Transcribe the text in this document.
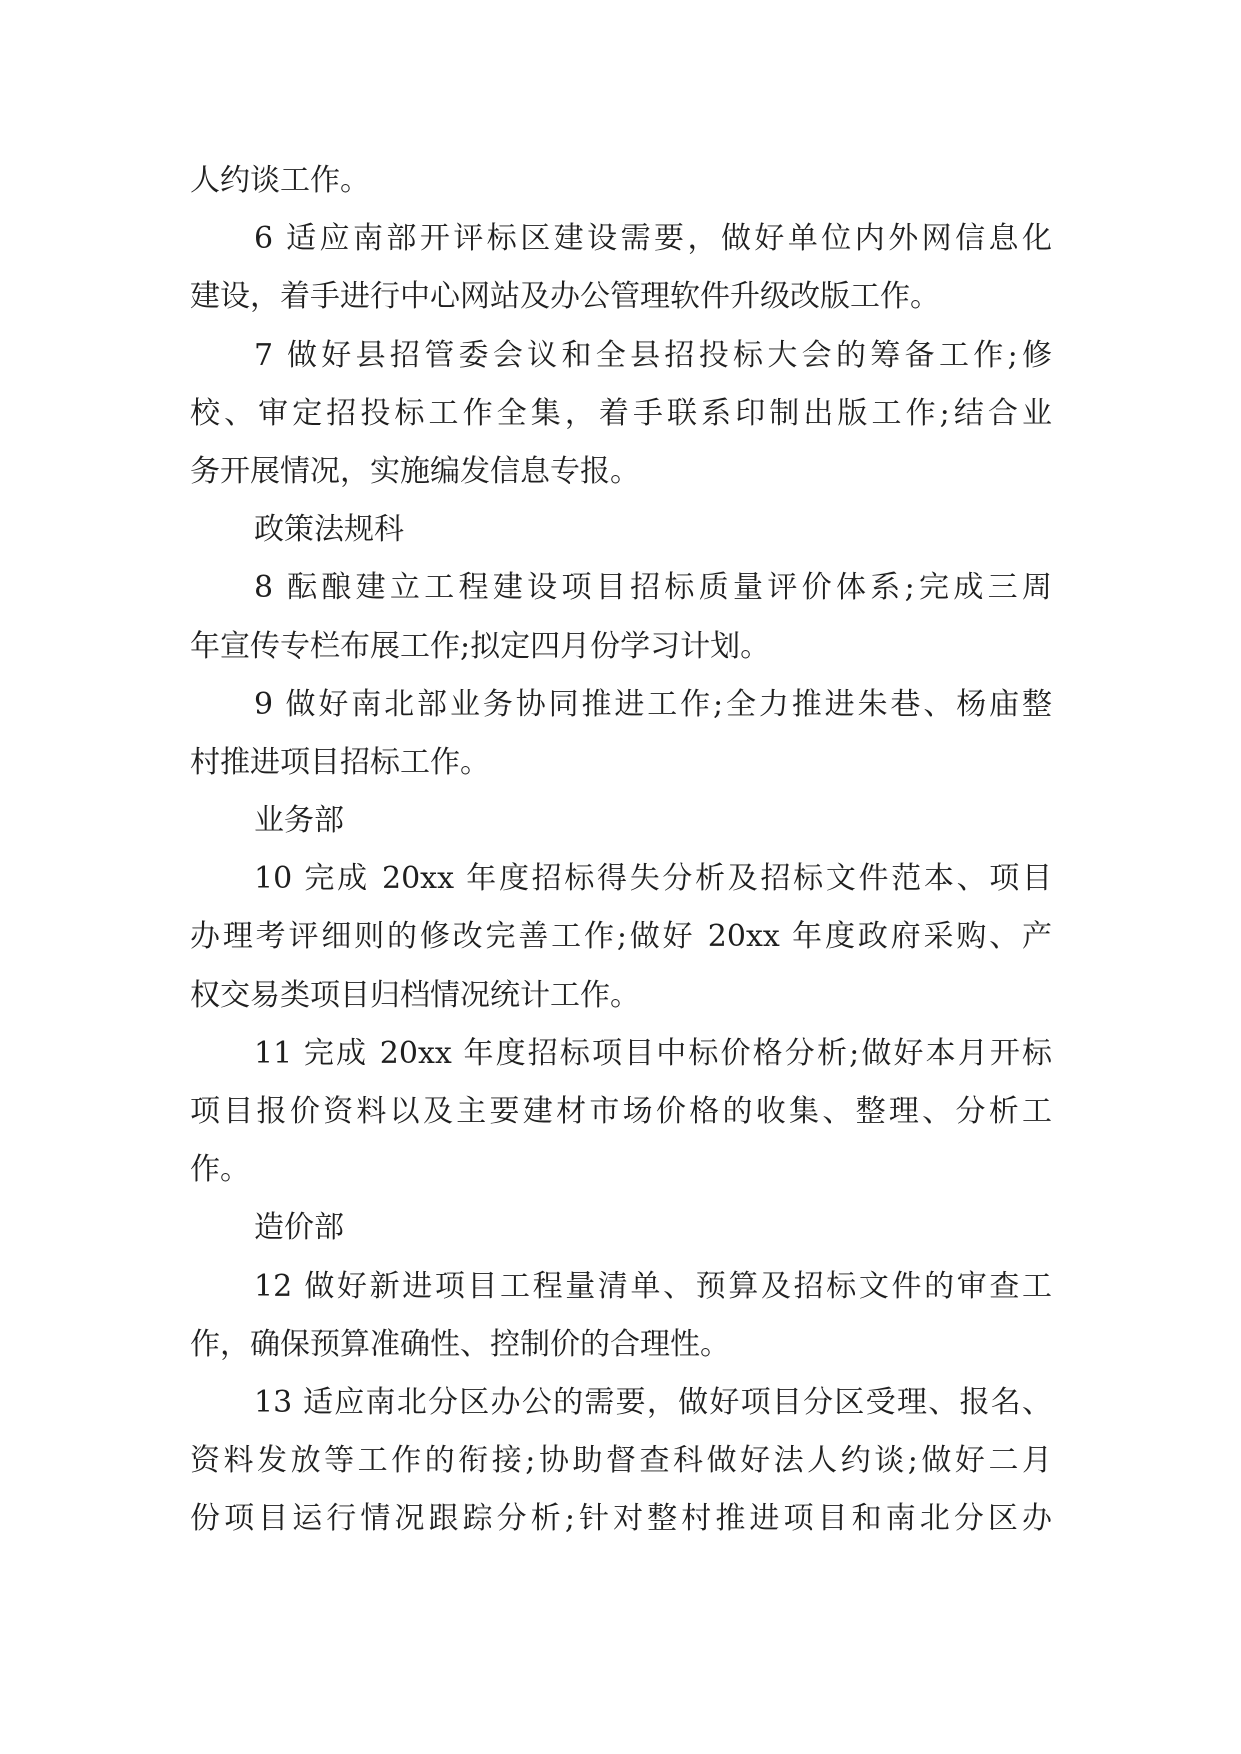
人约谈工作。
6 适应南部开评标区建设需要，做好单位内外网信息化
建设，着手进行中心网站及办公管理软件升级改版工作。
7 做好县招管委会议和全县招投标大会的筹备工作;修
校、审定招投标工作全集，着手联系印制出版工作;结合业
务开展情况，实施编发信息专报。
政策法规科
8 酝酿建立工程建设项目招标质量评价体系;完成三周
年宣传专栏布展工作;拟定四月份学习计划。
9 做好南北部业务协同推进工作;全力推进朱巷、杨庙整
村推进项目招标工作。
业务部
10 完成 20xx 年度招标得失分析及招标文件范本、项目
办理考评细则的修改完善工作;做好 20xx 年度政府采购、产
权交易类项目归档情况统计工作。
11 完成 20xx 年度招标项目中标价格分析;做好本月开标
项目报价资料以及主要建材市场价格的收集、整理、分析工
作。
造价部
12 做好新进项目工程量清单、预算及招标文件的审查工
作，确保预算准确性、控制价的合理性。
13 适应南北分区办公的需要，做好项目分区受理、报名、
资料发放等工作的衔接;协助督查科做好法人约谈;做好二月
份项目运行情况跟踪分析;针对整村推进项目和南北分区办
